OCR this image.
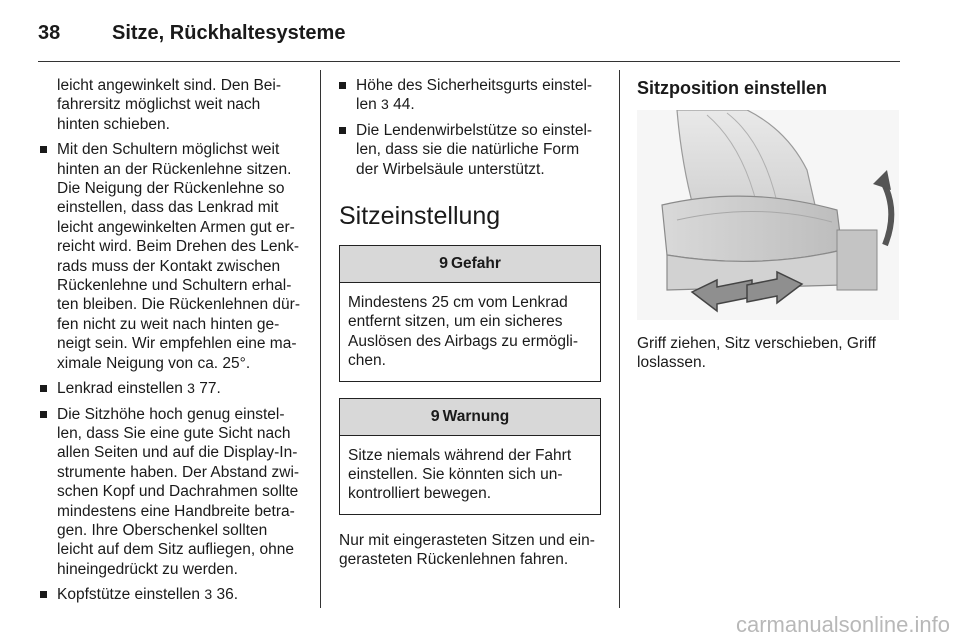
38	Sitze, Rückhaltesysteme

leicht angewinkelt sind. Den Bei-fahrersitz möglichst weit nach hinten schieben.

Mit den Schultern möglichst weit hinten an der Rückenlehne sitzen. Die Neigung der Rückenlehne so einstellen, dass das Lenkrad mit leicht angewinkelten Armen gut er-reicht wird. Beim Drehen des Lenk-rads muss der Kontakt zwischen Rückenlehne und Schultern erhal-ten bleiben. Die Rückenlehnen dür-fen nicht zu weit nach hinten ge-neigt sein. Wir empfehlen eine ma-ximale Neigung von ca. 25°.
Lenkrad einstellen 3 77.
Die Sitzhöhe hoch genug einstel-len, dass Sie eine gute Sicht nach allen Seiten und auf die Display-In-strumente haben. Der Abstand zwi-schen Kopf und Dachrahmen sollte mindestens eine Handbreite betra-gen. Ihre Oberschenkel sollten leicht auf dem Sitz aufliegen, ohne hineingedrückt zu werden.
Kopfstütze einstellen 3 36.
Höhe des Sicherheitsgurts einstel-len 3 44.
Die Lendenwirbelstütze so einstel-len, dass sie die natürliche Form der Wirbelsäule unterstützt.

Sitzeinstellung

9 Gefahr
Mindestens 25 cm vom Lenkrad entfernt sitzen, um ein sicheres Auslösen des Airbags zu ermögli-chen.
9 Warnung
Sitze niemals während der Fahrt einstellen. Sie könnten sich un-kontrolliert bewegen.

Nur mit eingerasteten Sitzen und ein-gerasteten Rückenlehnen fahren.

Sitzposition einstellen

Griff ziehen, Sitz verschieben, Griff loslassen.

carmanualsonline.info
